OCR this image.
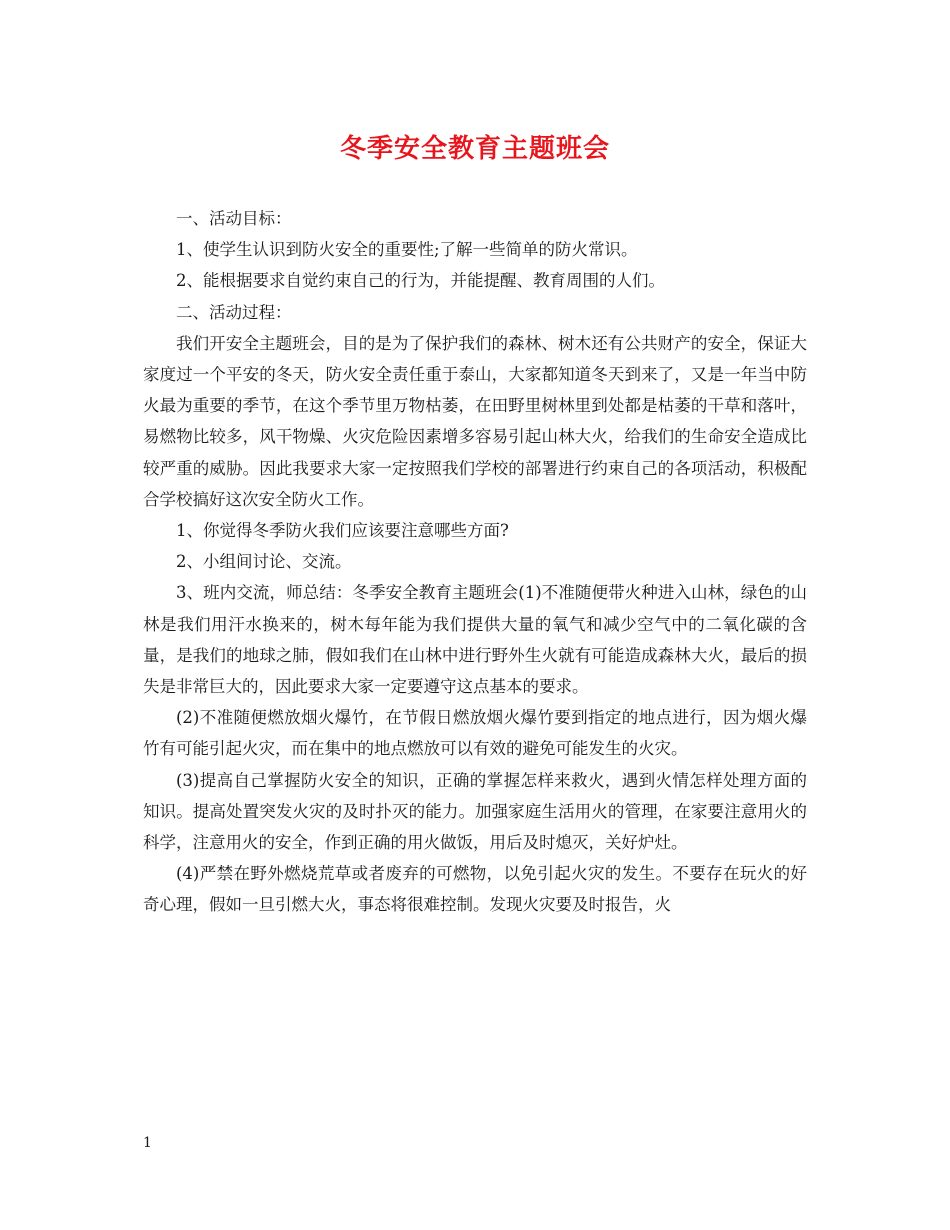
冬季安全教育主题班会

一、活动目标：

1、使学生认识到防火安全的重要性;了解一些简单的防火常识。

2、能根据要求自觉约束自己的行为，并能提醒、教育周围的人们。

二、活动过程：

我们开安全主题班会，目的是为了保护我们的森林、树木还有公共财产的安全，保证大家度过一个平安的冬天，防火安全责任重于泰山，大家都知道冬天到来了，又是一年当中防火最为重要的季节，在这个季节里万物枯萎，在田野里树林里到处都是枯萎的干草和落叶，易燃物比较多，风干物燥、火灾危险因素增多容易引起山林大火，给我们的生命安全造成比较严重的威胁。因此我要求大家一定按照我们学校的部署进行约束自己的各项活动，积极配合学校搞好这次安全防火工作。

1、你觉得冬季防火我们应该要注意哪些方面?

2、小组间讨论、交流。

3、班内交流，师总结：冬季安全教育主题班会(1)不准随便带火种进入山林，绿色的山林是我们用汗水换来的，树木每年能为我们提供大量的氧气和减少空气中的二氧化碳的含量，是我们的地球之肺，假如我们在山林中进行野外生火就有可能造成森林大火，最后的损失是非常巨大的，因此要求大家一定要遵守这点基本的要求。

(2)不准随便燃放烟火爆竹，在节假日燃放烟火爆竹要到指定的地点进行，因为烟火爆竹有可能引起火灾，而在集中的地点燃放可以有效的避免可能发生的火灾。

(3)提高自己掌握防火安全的知识，正确的掌握怎样来救火，遇到火情怎样处理方面的知识。提高处置突发火灾的及时扑灭的能力。加强家庭生活用火的管理，在家要注意用火的科学，注意用火的安全，作到正确的用火做饭，用后及时熄灭，关好炉灶。

(4)严禁在野外燃烧荒草或者废弃的可燃物，以免引起火灾的发生。不要存在玩火的好奇心理，假如一旦引燃大火，事态将很难控制。发现火灾要及时报告，火

1
